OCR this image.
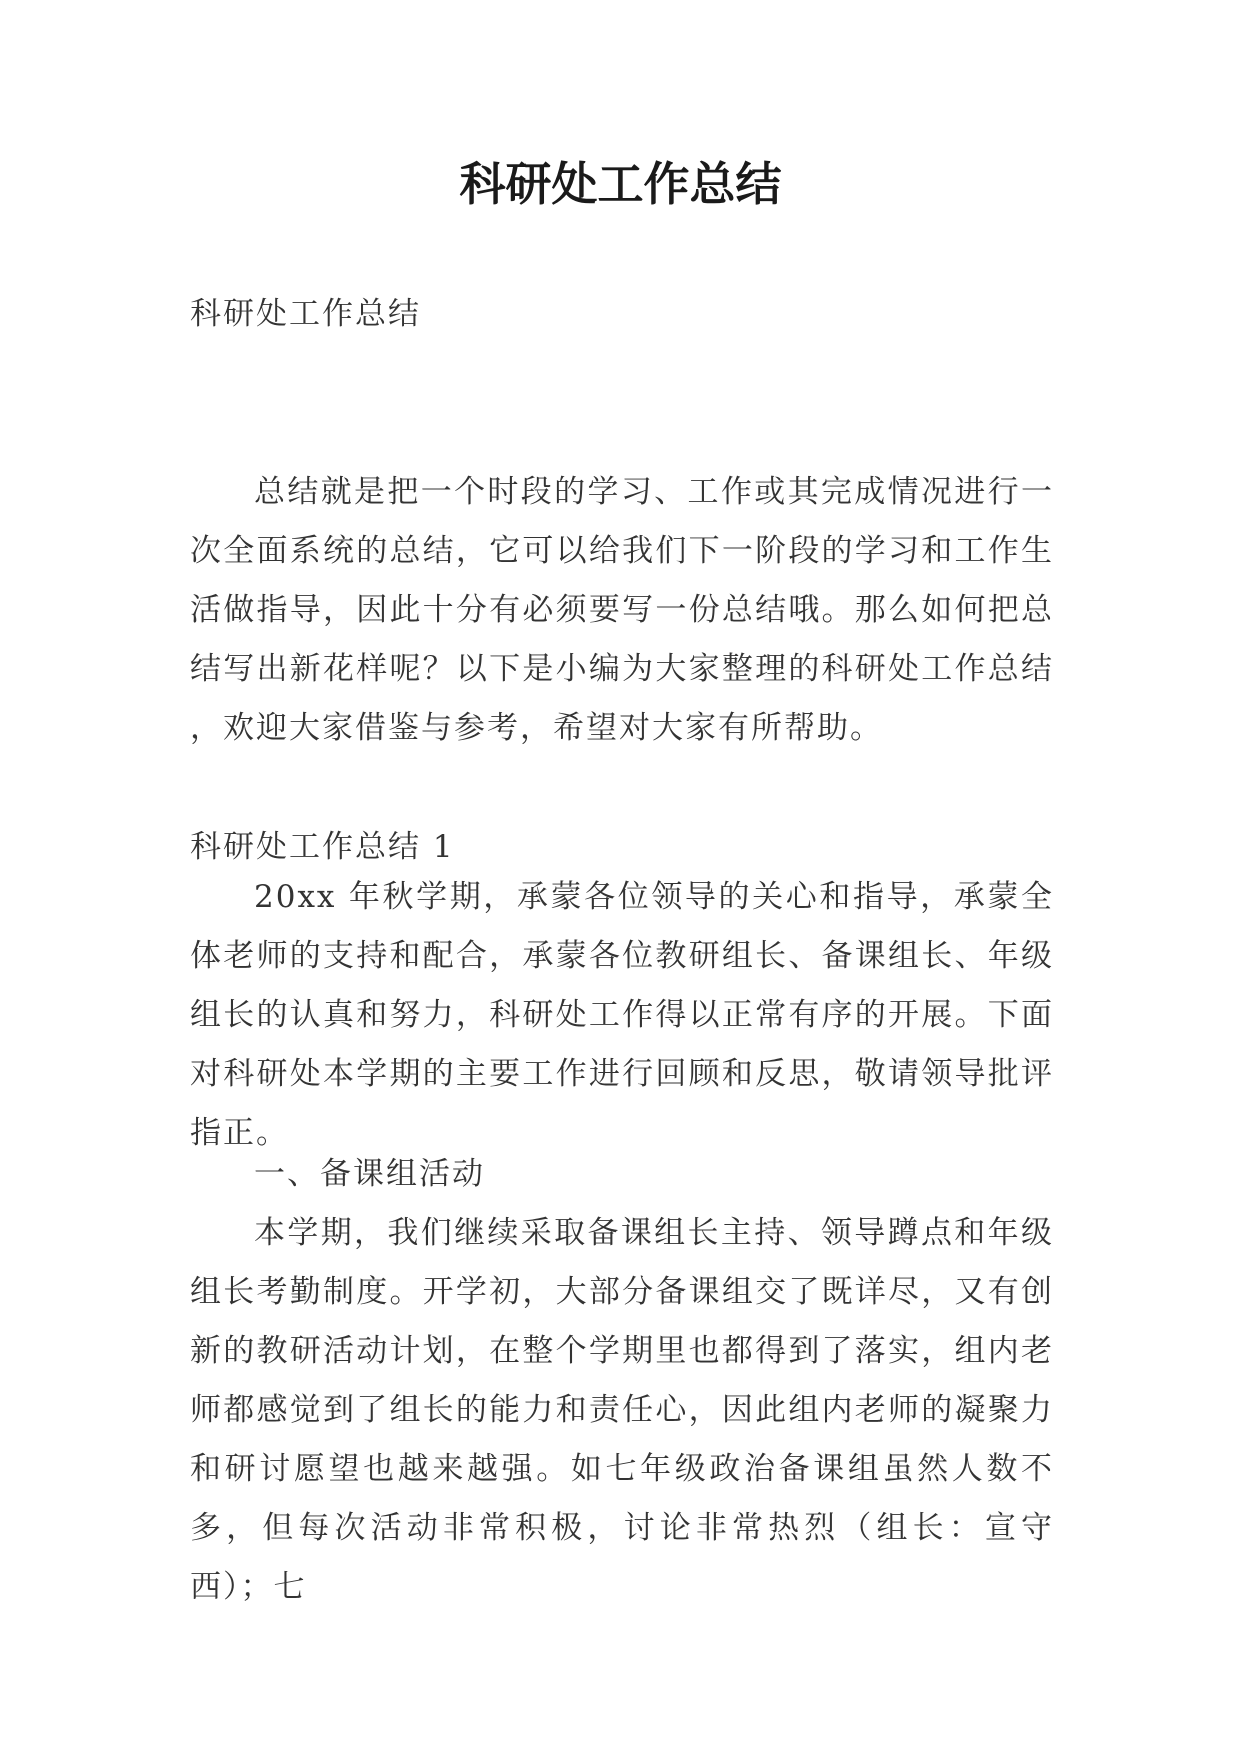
科研处工作总结

科研处工作总结

总结就是把一个时段的学习、工作或其完成情况进行一次全面系统的总结，它可以给我们下一阶段的学习和工作生活做指导，因此十分有必须要写一份总结哦。那么如何把总结写出新花样呢？以下是小编为大家整理的科研处工作总结 ，欢迎大家借鉴与参考，希望对大家有所帮助。

科研处工作总结 1

20xx 年秋学期，承蒙各位领导的关心和指导，承蒙全体老师的支持和配合，承蒙各位教研组长、备课组长、年级组长的认真和努力，科研处工作得以正常有序的开展。下面对科研处本学期的主要工作进行回顾和反思，敬请领导批评指正。

一、备课组活动

本学期，我们继续采取备课组长主持、领导蹲点和年级组长考勤制度。开学初，大部分备课组交了既详尽，又有创新的教研活动计划，在整个学期里也都得到了落实，组内老师都感觉到了组长的能力和责任心，因此组内老师的凝聚力和研讨愿望也越来越强。如七年级政治备课组虽然人数不多，但每次活动非常积极，讨论非常热烈（组长：宣守西）；七
